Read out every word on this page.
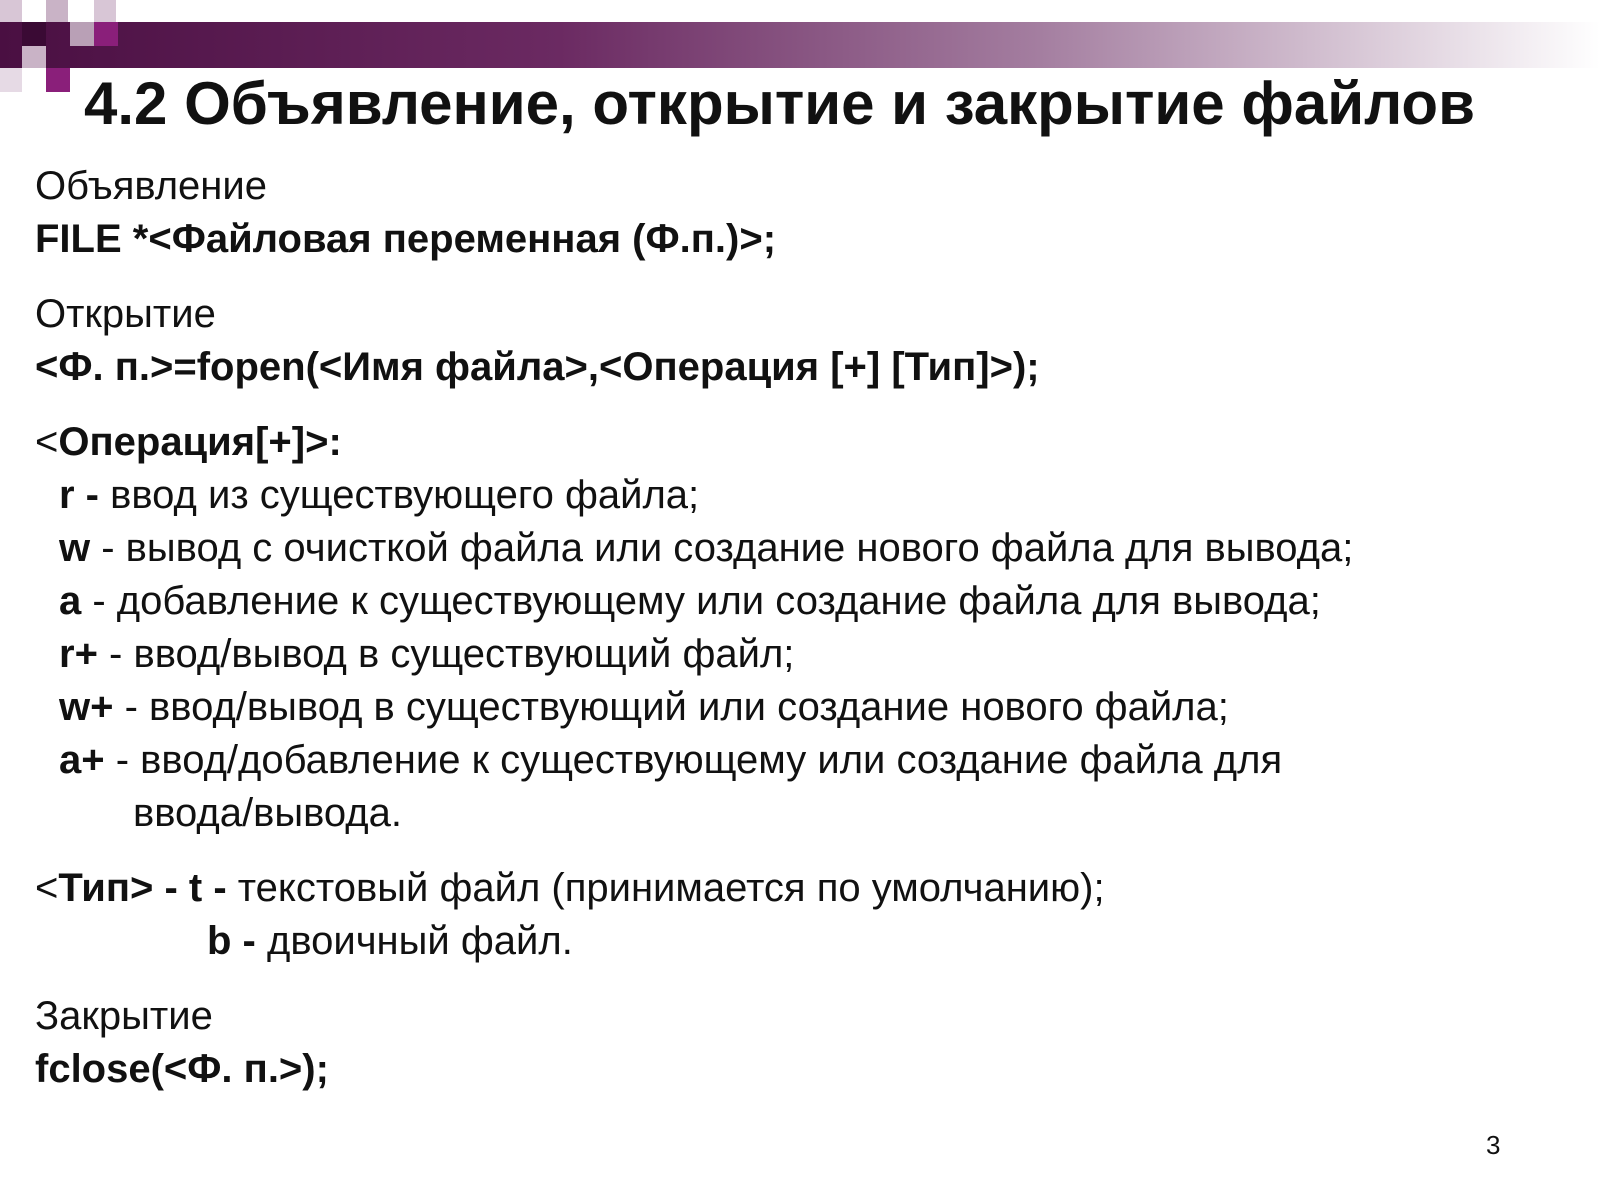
4.2 Объявление, открытие и закрытие файлов
Объявление
FILE *<Файловая переменная (Ф.п.)>;
Открытие
<Ф. п.>=fopen(<Имя файла>,<Операция [+] [Тип]>);
<Операция[+]>:
r - ввод из существующего файла;
w - вывод с очисткой файла или создание нового файла для вывода;
a - добавление к существующему или создание файла для вывода;
r+ - ввод/вывод в существующий файл;
w+ - ввод/вывод в существующий или создание нового файла;
a+ - ввод/добавление к существующему или создание файла для
ввода/вывода.
<Тип> - t - текстовый файл (принимается по умолчанию);
b - двоичный файл.
Закрытие
fclose(<Ф. п.>);
3
